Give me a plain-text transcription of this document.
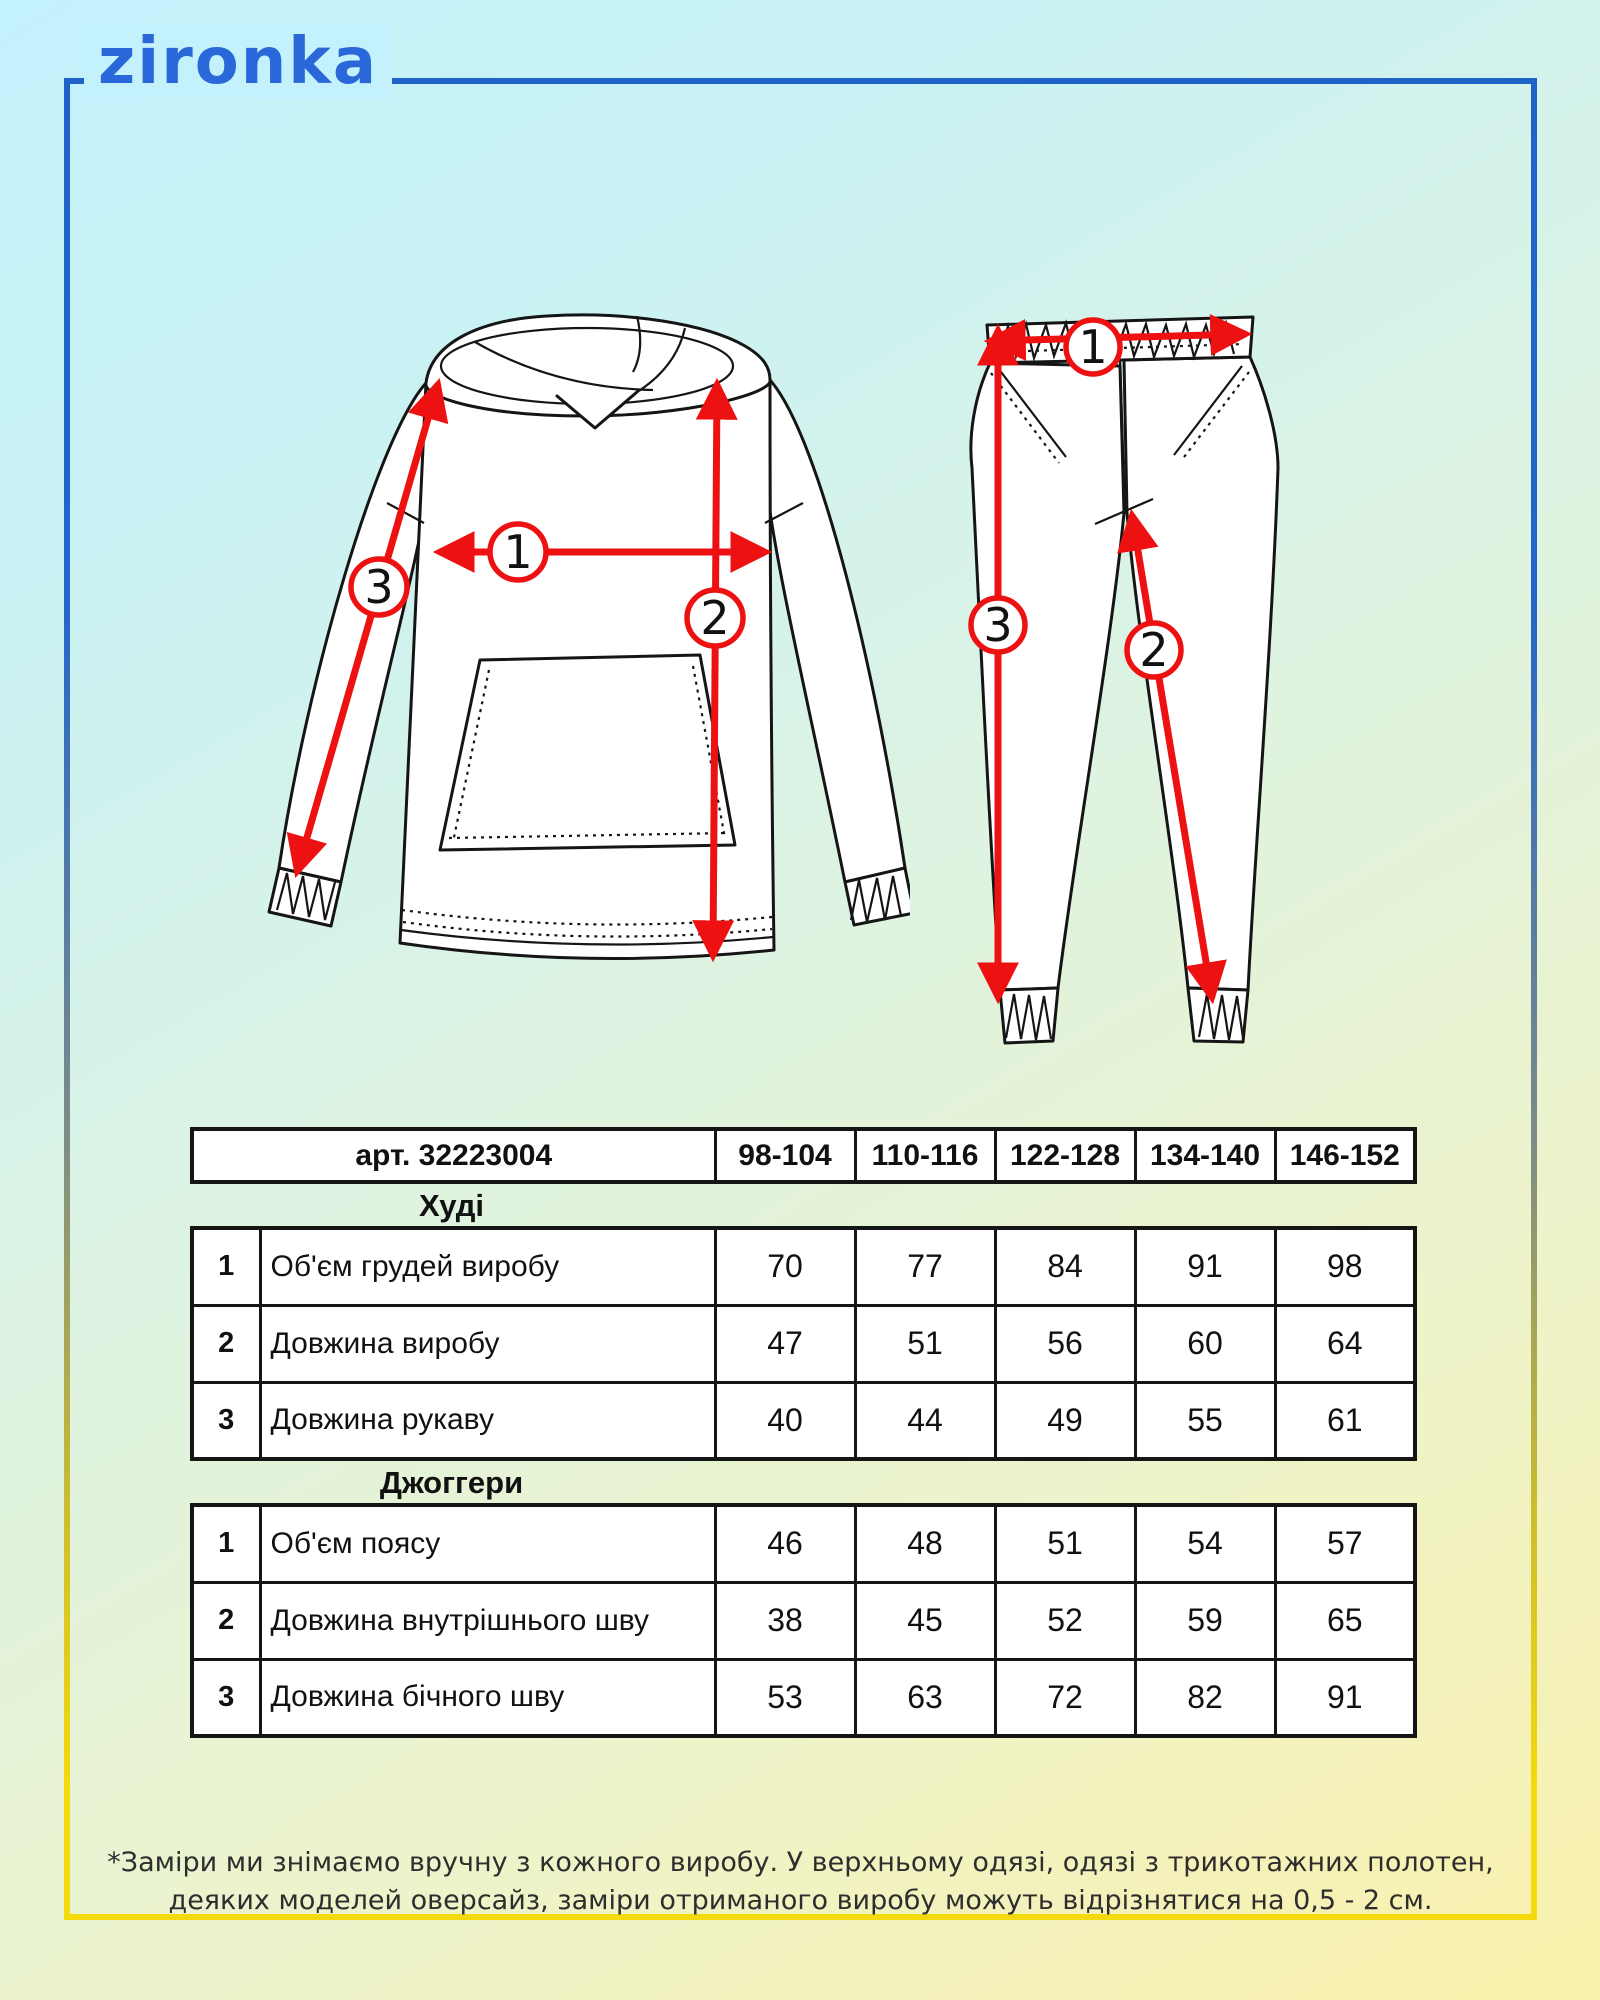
zironka
1
2
3
1
3	2
арт. 32223004	98-104	110-116	122-128	134-140	146-152
Худі
1	Об'єм грудей виробу	70	77	84	91	98
2	Довжина виробу	47	51	56	60	64
3	Довжина рукаву	40	44	49	55	61
Джоггери
1	Об'єм поясу	46	48	51	54	57
2	Довжина внутрішнього шву	38	45	52	59	65
3	Довжина бічного шву	53	63	72	82	91
*Заміри ми знімаємо вручну з кожного виробу. У верхньому одязі, одязі з трикотажних полотен,
деяких моделей оверсайз, заміри отриманого виробу можуть відрізнятися на 0,5 - 2 см.
